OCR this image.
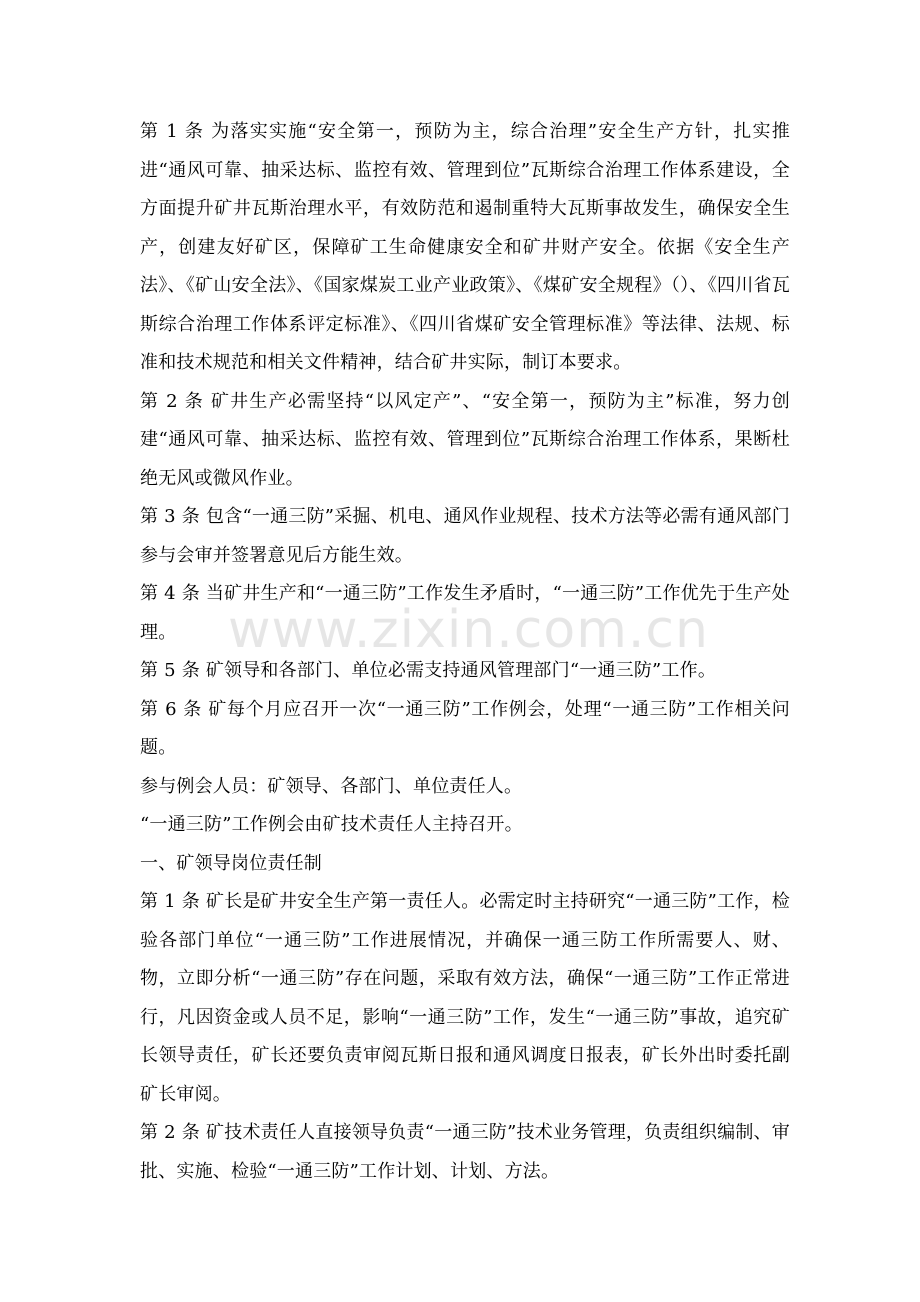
第 1 条 为落实实施“安全第一，预防为主，综合治理”安全生产方针，扎实推进“通风可靠、抽采达标、监控有效、管理到位”瓦斯综合治理工作体系建设，全方面提升矿井瓦斯治理水平，有效防范和遏制重特大瓦斯事故发生，确保安全生产，创建友好矿区，保障矿工生命健康安全和矿井财产安全。依据《安全生产法》、《矿山安全法》、《国家煤炭工业产业政策》、《煤矿安全规程》（）、《四川省瓦斯综合治理工作体系评定标准》、《四川省煤矿安全管理标准》等法律、法规、标准和技术规范和相关文件精神，结合矿井实际，制订本要求。

第 2 条 矿井生产必需坚持“以风定产”、“安全第一，预防为主”标准，努力创建“通风可靠、抽采达标、监控有效、管理到位”瓦斯综合治理工作体系，果断杜绝无风或微风作业。

第 3 条 包含“一通三防”采掘、机电、通风作业规程、技术方法等必需有通风部门参与会审并签署意见后方能生效。

第 4 条 当矿井生产和“一通三防”工作发生矛盾时，“一通三防”工作优先于生产处理。

第 5 条 矿领导和各部门、单位必需支持通风管理部门“一通三防”工作。

第 6 条 矿每个月应召开一次“一通三防”工作例会，处理“一通三防”工作相关问题。

参与例会人员：矿领导、各部门、单位责任人。

“一通三防”工作例会由矿技术责任人主持召开。

一、矿领导岗位责任制

第 1 条 矿长是矿井安全生产第一责任人。必需定时主持研究“一通三防”工作，检验各部门单位“一通三防”工作进展情况，并确保一通三防工作所需要人、财、物，立即分析“一通三防”存在问题，采取有效方法，确保“一通三防”工作正常进行，凡因资金或人员不足，影响“一通三防”工作，发生“一通三防”事故，追究矿长领导责任，矿长还要负责审阅瓦斯日报和通风调度日报表，矿长外出时委托副矿长审阅。

第 2 条 矿技术责任人直接领导负责“一通三防”技术业务管理，负责组织编制、审批、实施、检验“一通三防”工作计划、计划、方法。

www.zixin.com.cn
